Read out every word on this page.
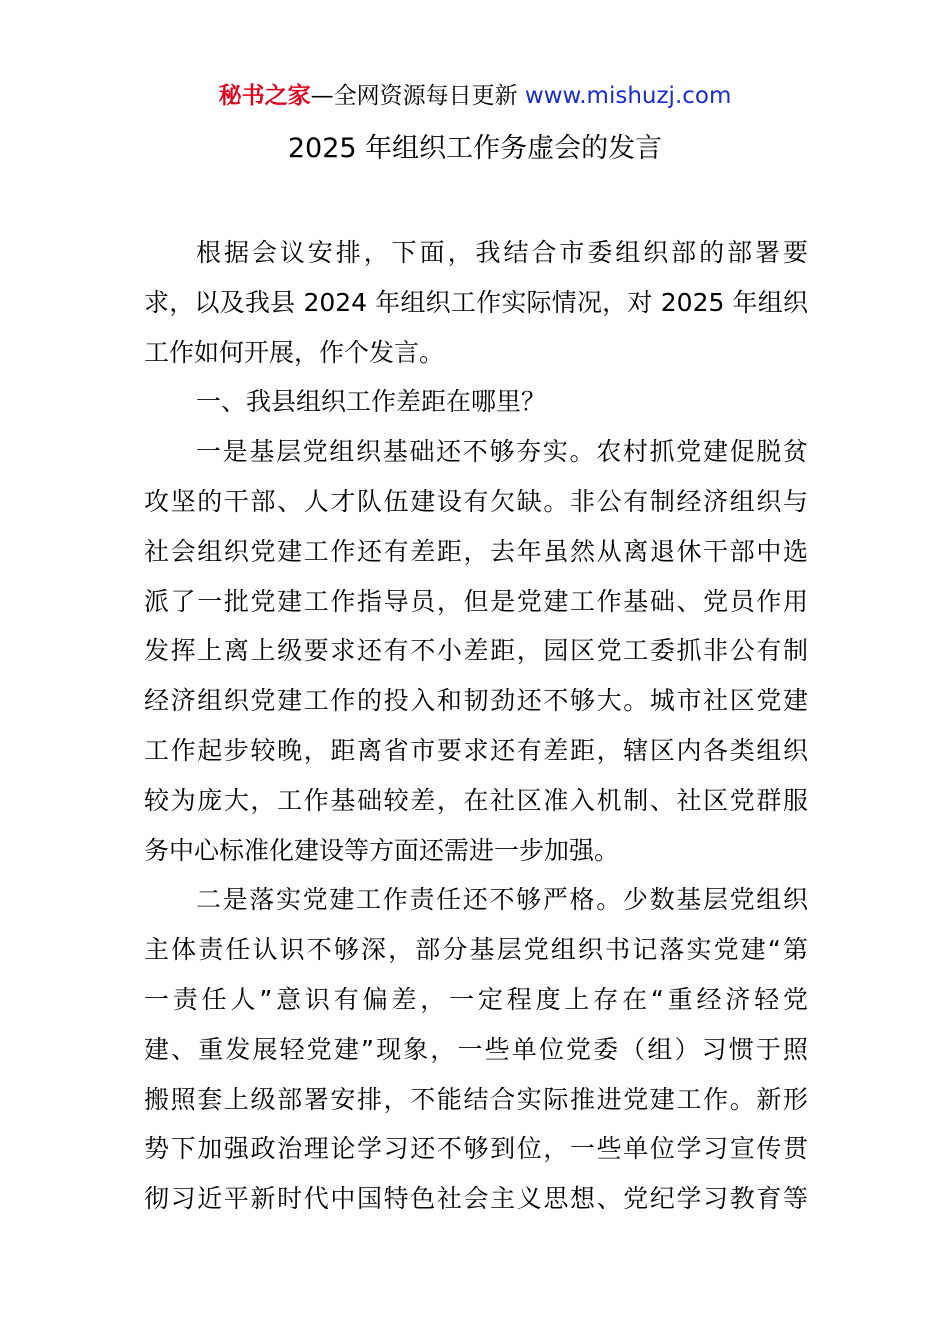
秘书之家—全网资源每日更新 www.mishuzj.com
2025 年组织工作务虚会的发言
根据会议安排，下面，我结合市委组织部的部署要
求，以及我县 2024 年组织工作实际情况，对 2025 年组织
工作如何开展，作个发言。
一、我县组织工作差距在哪里？
一是基层党组织基础还不够夯实。农村抓党建促脱贫
攻坚的干部、人才队伍建设有欠缺。非公有制经济组织与
社会组织党建工作还有差距，去年虽然从离退休干部中选
派了一批党建工作指导员，但是党建工作基础、党员作用
发挥上离上级要求还有不小差距，园区党工委抓非公有制
经济组织党建工作的投入和韧劲还不够大。城市社区党建
工作起步较晚，距离省市要求还有差距，辖区内各类组织
较为庞大，工作基础较差，在社区准入机制、社区党群服
务中心标准化建设等方面还需进一步加强。
二是落实党建工作责任还不够严格。少数基层党组织
主体责任认识不够深，部分基层党组织书记落实党建“第
一责任人”意识有偏差，一定程度上存在“重经济轻党
建、重发展轻党建”现象，一些单位党委（组）习惯于照
搬照套上级部署安排，不能结合实际推进党建工作。新形
势下加强政治理论学习还不够到位，一些单位学习宣传贯
彻习近平新时代中国特色社会主义思想、党纪学习教育等
